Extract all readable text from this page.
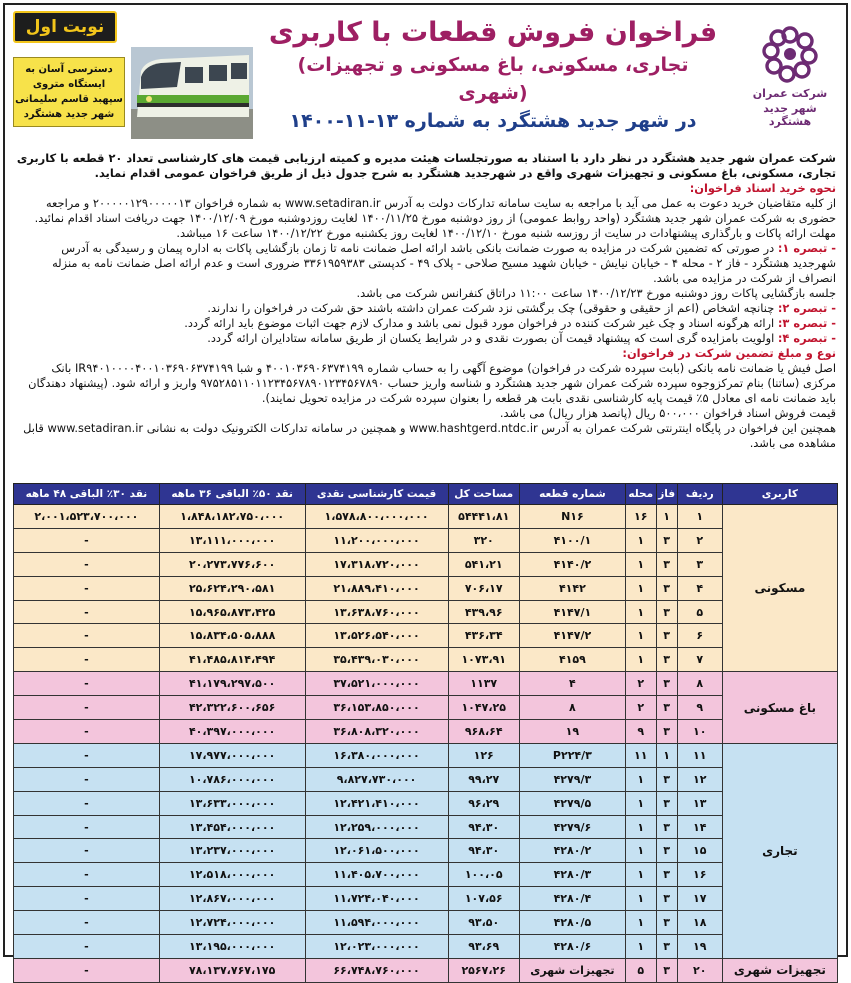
شرکت عمران
شهر جدید هشتگرد
فراخوان فروش قطعات با کاربری
(تجاری، مسکونی، باغ مسکونی و تجهیزات شهری)
در شهر جدید هشتگرد به شماره ۱۳-۱۱-۱۴۰۰
نوبت اول
دسترسی آسان به
ایستگاه متروی
سپهبد قاسم سلیمانی
شهر جدید هشتگرد

شرکت عمران شهر جدید هشتگرد در نظر دارد با استناد به صورتجلسات هیئت مدیره و کمیته ارزیابی قیمت های کارشناسی تعداد ۲۰ قطعه با کاربری تجاری، مسکونی، باغ مسکونی و تجهیزات شهری واقع در شهرجدید هشتگرد به شرح جدول ذیل از طریق فراخوان عمومی اقدام نماید.

نحوه خرید اسناد فراخوان:

از کلیه متقاضیان خرید دعوت به عمل می آید با مراجعه به سایت سامانه تدارکات دولت به آدرس www.setadiran.ir به شماره فراخوان ۲۰۰۰۰۰۱۲۹۰۰۰۰۰۱۳ و مراجعه حضوری به شرکت عمران شهر جدید هشتگرد (واحد روابط عمومی) از روز دوشنبه مورخ ۱۴۰۰/۱۱/۲۵ لغایت روزدوشنبه مورخ ۱۴۰۰/۱۲/۰۹ جهت دریافت اسناد اقدام نمائید.

مهلت ارائه پاکات و بارگذاری پیشنهادات در سایت از روزسه شنبه مورخ ۱۴۰۰/۱۲/۱۰ لغایت روز یکشنبه مورخ ۱۴۰۰/۱۲/۲۲ ساعت ۱۶ میباشد.

- تبصره ۱: در صورتی که تضمین شرکت در مزایده به صورت ضمانت بانکی باشد ارائه اصل ضمانت نامه تا زمان بازگشایی پاکات به اداره پیمان و رسیدگی به آدرس شهرجدید هشتگرد - فاز ۲ - محله ۴ - خیابان نیایش - خیابان شهید مسیح صلاحی - پلاک ۴۹ - کدپستی ۳۳۶۱۹۵۹۳۸۳ ضروری است و عدم ارائه اصل ضمانت نامه به منزله انصراف از شرکت در مزایده می باشد.

جلسه بازگشایی پاکات روز دوشنبه مورخ ۱۴۰۰/۱۲/۲۳ ساعت ۱۱:۰۰ دراتاق کنفرانس شرکت می باشد.

- تبصره ۲: چنانچه اشخاص (اعم از حقیقی و حقوقی) چک برگشتی نزد شرکت عمران داشته باشند حق شرکت در فراخوان را ندارند.

- تبصره ۳: ارائه هرگونه اسناد و چک غیر شرکت کننده در فراخوان مورد قبول نمی باشد و مدارک لازم جهت اثبات موضوع باید ارائه گردد.

- تبصره ۴: اولویت بامزایده گری است که پیشنهاد قیمت آن بصورت نقدی و در شرایط یکسان از طریق سامانه ستادایران ارائه گردد.

نوع و مبلغ تضمین شرکت در فراخوان:

اصل فیش یا ضمانت نامه بانکی (بابت سپرده شرکت در فراخوان) موضوع آگهی را به حساب شماره ۴۰۰۱۰۳۶۹۰۶۳۷۴۱۹۹ و شبا IR۹۴۰۱۰۰۰۰۴۰۰۱۰۳۶۹۰۶۳۷۴۱۹۹ بانک مرکزی (ساتنا) بنام تمرکزوجوه سپرده شرکت عمران شهر جدید هشتگرد و شناسه واریز حساب ۹۷۵۲۸۵۱۱۰۱۱۲۳۴۵۶۷۸۹۰۱۲۳۴۵۶۷۸۹۰ واریز و ارائه شود. (پیشنهاد دهندگان باید ضمانت نامه ای معادل ۵٪ قیمت پایه کارشناسی نقدی بابت هر قطعه را بعنوان سپرده شرکت در مزایده تحویل نمایند).

قیمت فروش اسناد فراخوان ۵۰۰،۰۰۰ ریال (پانصد هزار ریال) می باشد.

همچنین این فراخوان در پایگاه اینترنتی شرکت عمران به آدرس www.hashtgerd.ntdc.ir و همچنین در سامانه تدارکات الکترونیک دولت به نشانی www.setadiran.ir قابل مشاهده می باشد.

کاربری	ردیف	فاز	محله	شماره قطعه	مساحت کل	قیمت کارشناسی نقدی	نقد ۵۰٪ الباقی ۳۶ ماهه	نقد ۳۰٪ الباقی ۴۸ ماهه
مسکونی	۱	۱	۱۶	N۱۶	۵۴۴۴۱،۸۱	۱،۵۷۸،۸۰۰،۰۰۰،۰۰۰	۱،۸۴۸،۱۸۲،۷۵۰،۰۰۰	۲،۰۰۱،۵۲۳،۷۰۰،۰۰۰
	۲	۳	۱	۴۱۰۰/۱	۳۲۰	۱۱،۲۰۰،۰۰۰،۰۰۰	۱۳،۱۱۱،۰۰۰،۰۰۰	-
	۳	۳	۱	۴۱۴۰/۲	۵۴۱،۲۱	۱۷،۳۱۸،۷۲۰،۰۰۰	۲۰،۲۷۳،۷۷۶،۶۰۰	-
	۴	۳	۱	۴۱۴۲	۷۰۶،۱۷	۲۱،۸۸۹،۴۱۰،۰۰۰	۲۵،۶۲۴،۲۹۰،۵۸۱	-
	۵	۳	۱	۴۱۴۷/۱	۴۳۹،۹۶	۱۳،۶۳۸،۷۶۰،۰۰۰	۱۵،۹۶۵،۸۷۳،۴۲۵	-
	۶	۳	۱	۴۱۴۷/۲	۴۳۶،۳۴	۱۳،۵۲۶،۵۴۰،۰۰۰	۱۵،۸۳۴،۵۰۵،۸۸۸	-
	۷	۳	۱	۴۱۵۹	۱۰۷۳،۹۱	۳۵،۴۳۹،۰۳۰،۰۰۰	۴۱،۴۸۵،۸۱۴،۴۹۴	-
باغ مسکونی	۸	۳	۲	۴	۱۱۳۷	۳۷،۵۲۱،۰۰۰،۰۰۰	۴۱،۱۷۹،۲۹۷،۵۰۰	-
	۹	۳	۲	۸	۱۰۴۷،۲۵	۳۶،۱۵۳،۸۵۰،۰۰۰	۴۲،۳۲۲،۶۰۰،۶۵۶	-
	۱۰	۳	۹	۱۹	۹۶۸،۶۴	۳۶،۸۰۸،۳۲۰،۰۰۰	۴۰،۳۹۷،۰۰۰،۰۰۰	-
تجاری	۱۱	۱	۱۱	P۲۲۴/۳	۱۲۶	۱۶،۳۸۰،۰۰۰،۰۰۰	۱۷،۹۷۷،۰۰۰،۰۰۰	-
	۱۲	۳	۱	۴۲۷۹/۳	۹۹،۲۷	۹،۸۲۷،۷۳۰،۰۰۰	۱۰،۷۸۶،۰۰۰،۰۰۰	-
	۱۳	۳	۱	۴۲۷۹/۵	۹۶،۲۹	۱۲،۴۲۱،۴۱۰،۰۰۰	۱۳،۶۳۳،۰۰۰،۰۰۰	-
	۱۴	۳	۱	۴۲۷۹/۶	۹۴،۳۰	۱۲،۲۵۹،۰۰۰،۰۰۰	۱۳،۴۵۴،۰۰۰،۰۰۰	-
	۱۵	۳	۱	۴۲۸۰/۲	۹۴،۳۰	۱۲،۰۶۱،۵۰۰،۰۰۰	۱۳،۲۳۷،۰۰۰،۰۰۰	-
	۱۶	۳	۱	۴۲۸۰/۳	۱۰۰،۰۵	۱۱،۴۰۵،۷۰۰،۰۰۰	۱۲،۵۱۸،۰۰۰،۰۰۰	-
	۱۷	۳	۱	۴۲۸۰/۴	۱۰۷،۵۶	۱۱،۷۲۴،۰۴۰،۰۰۰	۱۲،۸۶۷،۰۰۰،۰۰۰	-
	۱۸	۳	۱	۴۲۸۰/۵	۹۳،۵۰	۱۱،۵۹۴،۰۰۰،۰۰۰	۱۲،۷۲۴،۰۰۰،۰۰۰	-
	۱۹	۳	۱	۴۲۸۰/۶	۹۳،۶۹	۱۲،۰۲۳،۰۰۰،۰۰۰	۱۳،۱۹۵،۰۰۰،۰۰۰	-
تجهیزات شهری	۲۰	۳	۵	تجهیزات شهری	۲۵۶۷،۲۶	۶۶،۷۴۸،۷۶۰،۰۰۰	۷۸،۱۳۷،۷۶۷،۱۷۵	-
